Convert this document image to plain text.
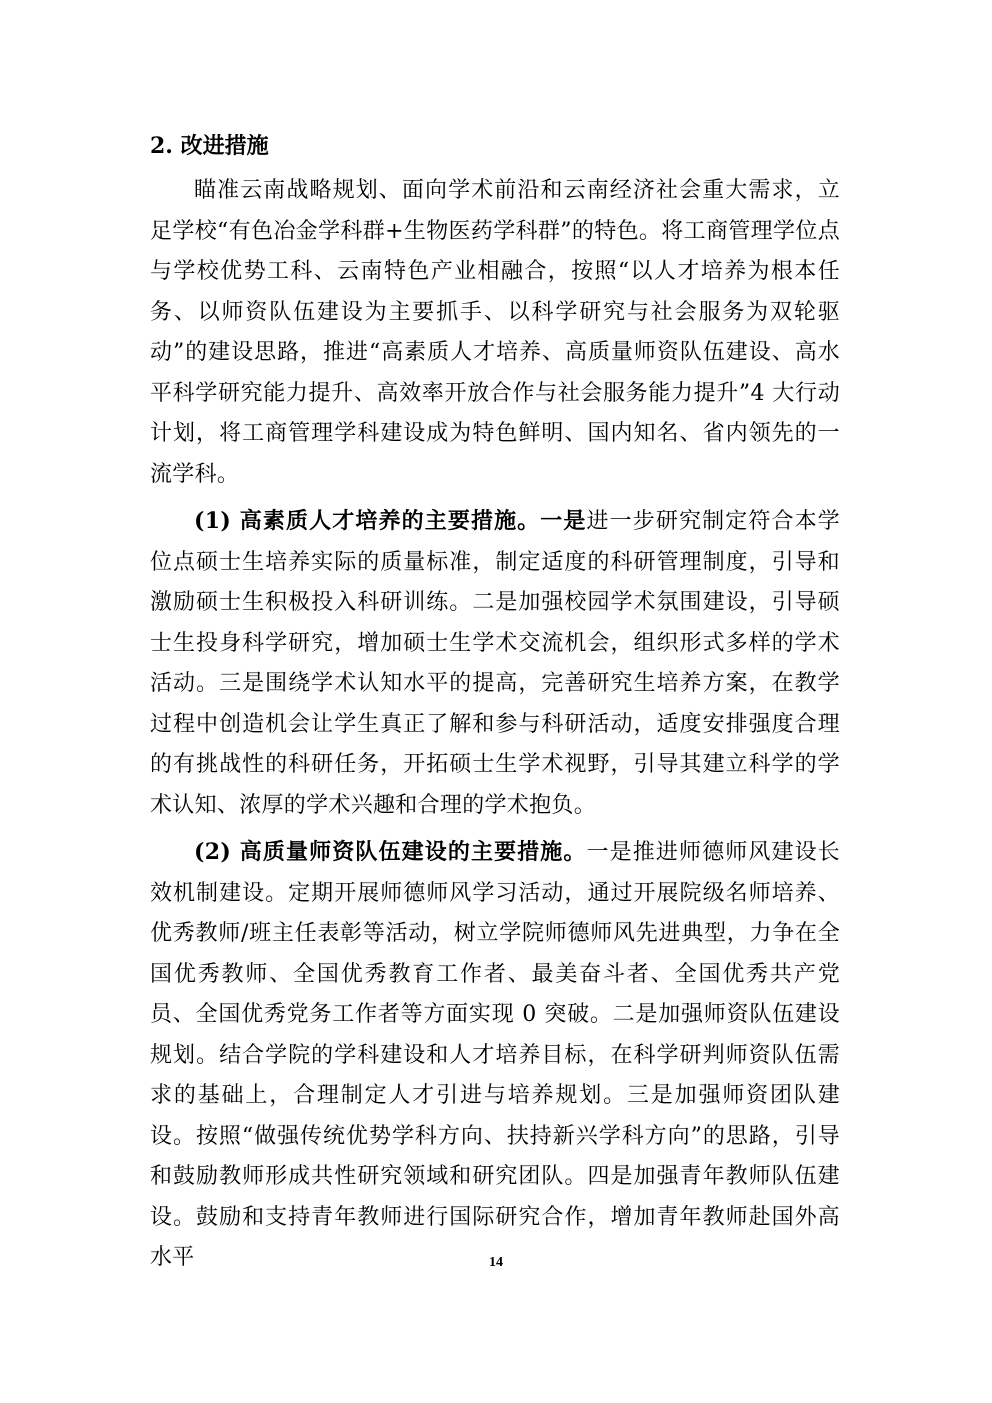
2. 改进措施

瞄准云南战略规划、面向学术前沿和云南经济社会重大需求，立足学校“有色冶金学科群+生物医药学科群”的特色。将工商管理学位点与学校优势工科、云南特色产业相融合，按照“以人才培养为根本任务、以师资队伍建设为主要抓手、以科学研究与社会服务为双轮驱动”的建设思路，推进“高素质人才培养、高质量师资队伍建设、高水平科学研究能力提升、高效率开放合作与社会服务能力提升”4 大行动计划，将工商管理学科建设成为特色鲜明、国内知名、省内领先的一流学科。

(1) 高素质人才培养的主要措施。一是进一步研究制定符合本学位点硕士生培养实际的质量标准，制定适度的科研管理制度，引导和激励硕士生积极投入科研训练。二是加强校园学术氛围建设，引导硕士生投身科学研究，增加硕士生学术交流机会，组织形式多样的学术活动。三是围绕学术认知水平的提高，完善研究生培养方案，在教学过程中创造机会让学生真正了解和参与科研活动，适度安排强度合理的有挑战性的科研任务，开拓硕士生学术视野，引导其建立科学的学术认知、浓厚的学术兴趣和合理的学术抱负。

(2) 高质量师资队伍建设的主要措施。一是推进师德师风建设长效机制建设。定期开展师德师风学习活动，通过开展院级名师培养、优秀教师/班主任表彰等活动，树立学院师德师风先进典型，力争在全国优秀教师、全国优秀教育工作者、最美奋斗者、全国优秀共产党员、全国优秀党务工作者等方面实现 0 突破。二是加强师资队伍建设规划。结合学院的学科建设和人才培养目标，在科学研判师资队伍需求的基础上，合理制定人才引进与培养规划。三是加强师资团队建设。按照“做强传统优势学科方向、扶持新兴学科方向”的思路，引导和鼓励教师形成共性研究领域和研究团队。四是加强青年教师队伍建设。鼓励和支持青年教师进行国际研究合作，增加青年教师赴国外高水平	14
